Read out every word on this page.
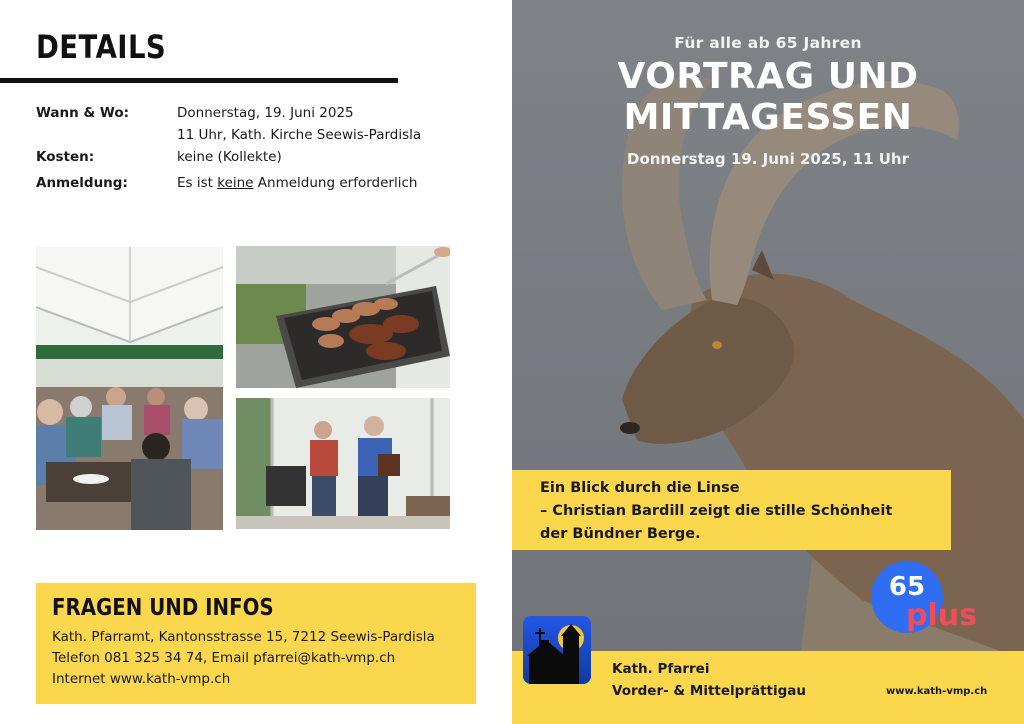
DETAILS
Wann & Wo:	Donnerstag, 19. Juni 2025
11 Uhr, Kath. Kirche Seewis-Pardisla
Kosten:	keine (Kollekte)
Anmeldung:	Es ist keine Anmeldung erforderlich
FRAGEN UND INFOS
Kath. Pfarramt, Kantonsstrasse 15, 7212 Seewis-Pardisla
Telefon 081 325 34 74, Email pfarrei@kath-vmp.ch
Internet www.kath-vmp.ch
Für alle ab 65 Jahren
VORTRAG UND
MITTAGESSEN
Donnerstag 19. Juni 2025, 11 Uhr
Ein Blick durch die Linse
– Christian Bardill zeigt die stille Schönheit
der Bündner Berge.
65
plus
Kath. Pfarrei
Vorder- & Mittelprättigau	www.kath-vmp.ch
